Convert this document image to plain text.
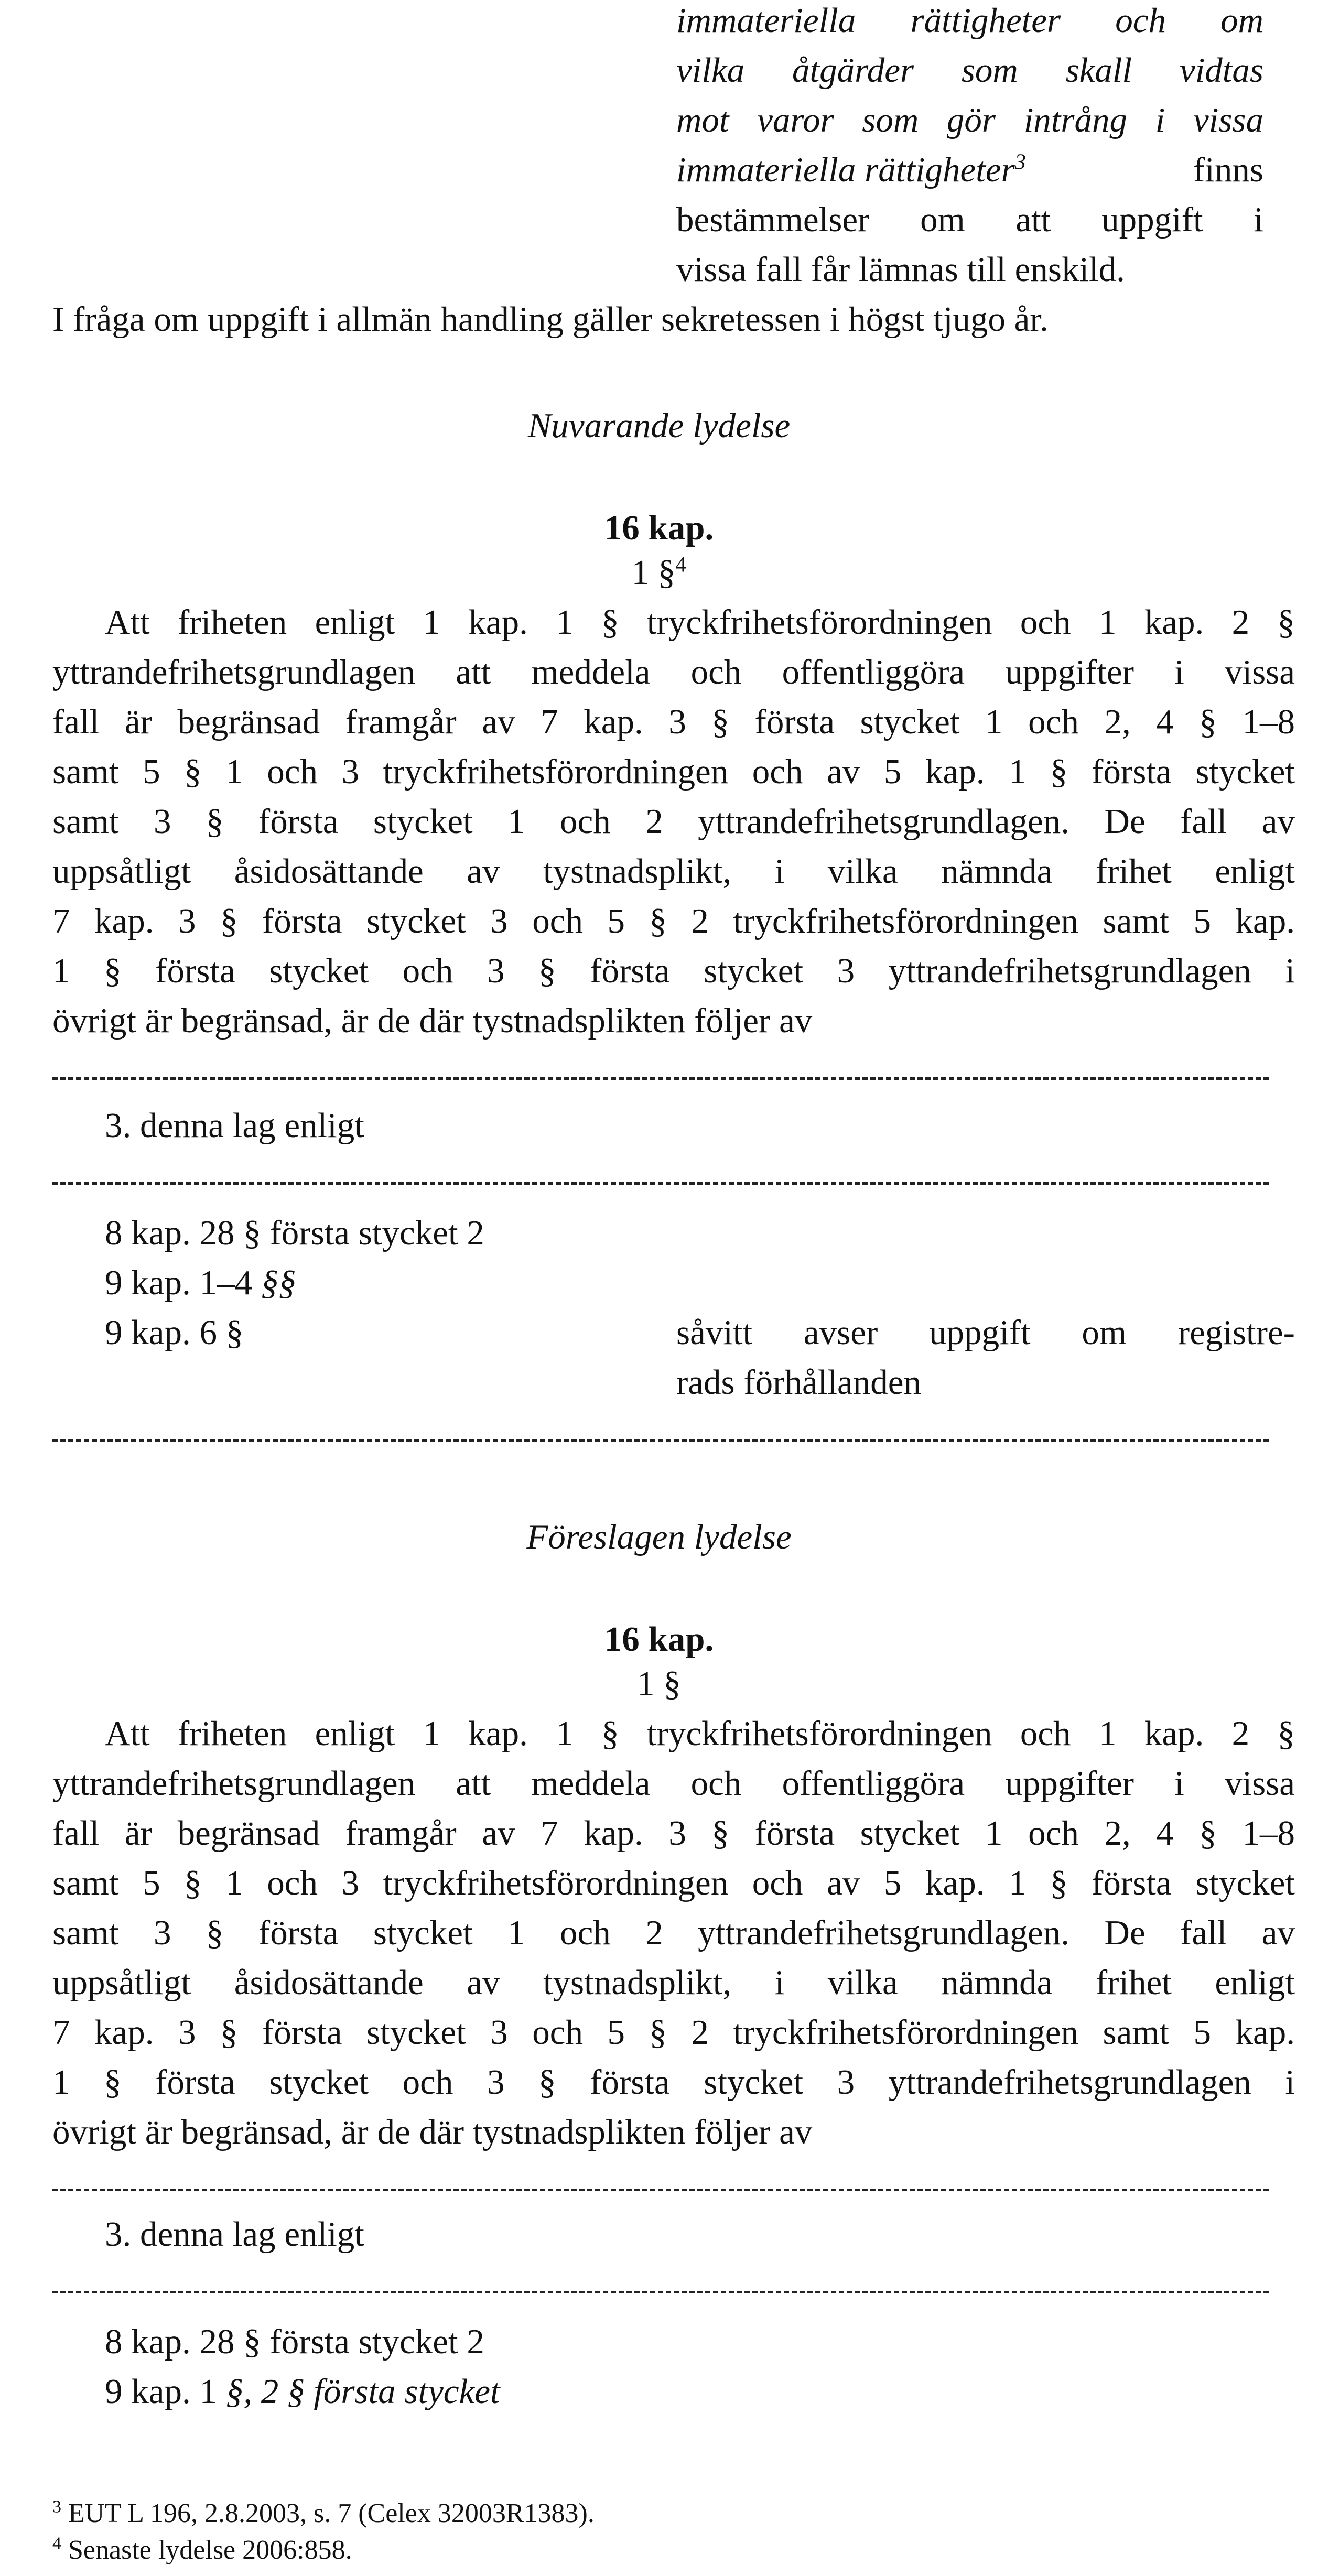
immateriella rättigheter och om
vilka åtgärder som skall vidtas
mot varor som gör intrång i vissa
immateriella rättigheter$^3$	finns
bestämmelser om att uppgift i
vissa fall får lämnas till enskild.
I fråga om uppgift i allmän handling gäller sekretessen i högst tjugo år.
Nuvarande lydelse
16 kap.
1 §$^4$
Att friheten enligt 1 kap. 1 § tryckfrihetsförordningen och 1 kap. 2 §
yttrandefrihetsgrundlagen att meddela och offentliggöra uppgifter i vissa
fall är begränsad framgår av 7 kap. 3 § första stycket 1 och 2, 4 § 1–8
samt 5 § 1 och 3 tryckfrihetsförordningen och av 5 kap. 1 § första stycket
samt 3 § första stycket 1 och 2 yttrandefrihetsgrundlagen. De fall av
uppsåtligt åsidosättande av tystnadsplikt, i vilka nämnda frihet enligt
7 kap. 3 § första stycket 3 och 5 § 2 tryckfrihetsförordningen samt 5 kap.
1 § första stycket och 3 § första stycket 3 yttrandefrihetsgrundlagen i
övrigt är begränsad, är de där tystnadsplikten följer av
3. denna lag enligt
8 kap. 28 § första stycket 2
9 kap. 1–4 §§
9 kap. 6 §	såvitt avser uppgift om registre-
rads förhållanden
Föreslagen lydelse
16 kap.
1 §
Att friheten enligt 1 kap. 1 § tryckfrihetsförordningen och 1 kap. 2 §
yttrandefrihetsgrundlagen att meddela och offentliggöra uppgifter i vissa
fall är begränsad framgår av 7 kap. 3 § första stycket 1 och 2, 4 § 1–8
samt 5 § 1 och 3 tryckfrihetsförordningen och av 5 kap. 1 § första stycket
samt 3 § första stycket 1 och 2 yttrandefrihetsgrundlagen. De fall av
uppsåtligt åsidosättande av tystnadsplikt, i vilka nämnda frihet enligt
7 kap. 3 § första stycket 3 och 5 § 2 tryckfrihetsförordningen samt 5 kap.
1 § första stycket och 3 § första stycket 3 yttrandefrihetsgrundlagen i
övrigt är begränsad, är de där tystnadsplikten följer av
3. denna lag enligt
8 kap. 28 § första stycket 2
9 kap. 1 §, 2 § första stycket
$^3$ EUT L 196, 2.8.2003, s. 7 (Celex 32003R1383).
$^4$ Senaste lydelse 2006:858.
